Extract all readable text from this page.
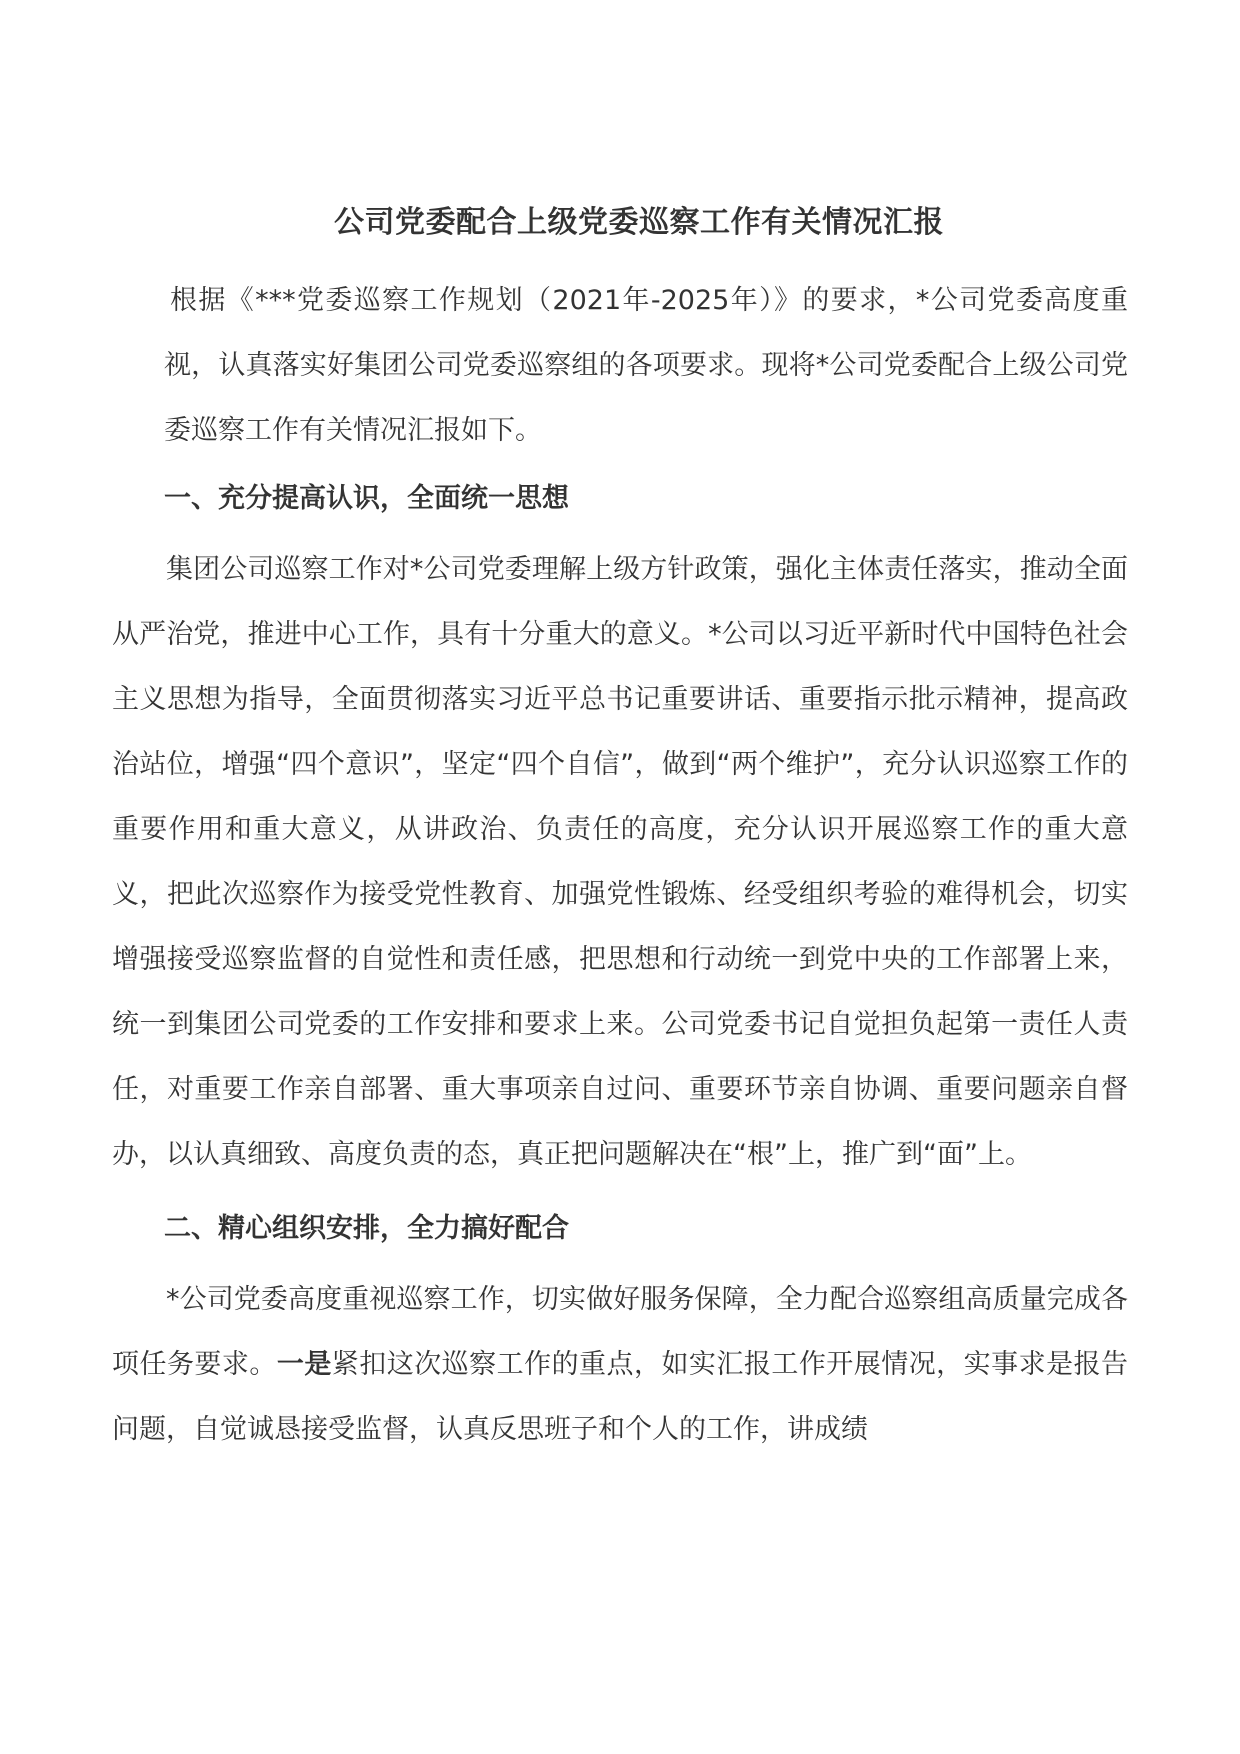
公司党委配合上级党委巡察工作有关情况汇报

根据《***党委巡察工作规划（2021年-2025年）》的要求，*公司党委高度重视，认真落实好集团公司党委巡察组的各项要求。现将*公司党委配合上级公司党委巡察工作有关情况汇报如下。

一、充分提高认识，全面统一思想

集团公司巡察工作对*公司党委理解上级方针政策，强化主体责任落实，推动全面从严治党，推进中心工作，具有十分重大的意义。*公司以习近平新时代中国特色社会主义思想为指导，全面贯彻落实习近平总书记重要讲话、重要指示批示精神，提高政治站位，增强“四个意识”，坚定“四个自信”，做到“两个维护”，充分认识巡察工作的重要作用和重大意义，从讲政治、负责任的高度，充分认识开展巡察工作的重大意义，把此次巡察作为接受党性教育、加强党性锻炼、经受组织考验的难得机会，切实增强接受巡察监督的自觉性和责任感，把思想和行动统一到党中央的工作部署上来，统一到集团公司党委的工作安排和要求上来。公司党委书记自觉担负起第一责任人责任，对重要工作亲自部署、重大事项亲自过问、重要环节亲自协调、重要问题亲自督办，以认真细致、高度负责的态，真正把问题解决在“根”上，推广到“面”上。

二、精心组织安排，全力搞好配合

*公司党委高度重视巡察工作，切实做好服务保障，全力配合巡察组高质量完成各项任务要求。一是紧扣这次巡察工作的重点，如实汇报工作开展情况，实事求是报告问题，自觉诚恳接受监督，认真反思班子和个人的工作，讲成绩
